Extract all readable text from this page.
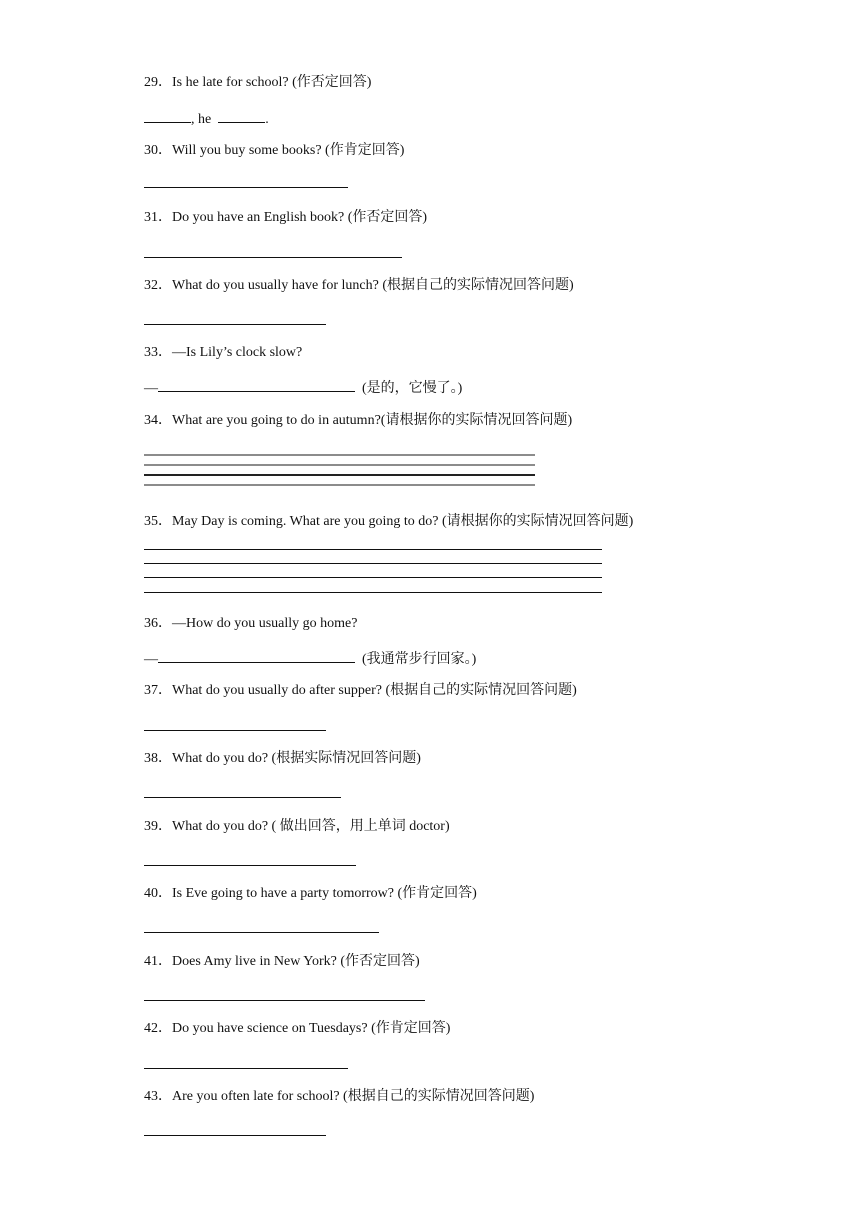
29．Is he late for school? (作否定回答)
, he	.
30．Will you buy some books? (作肯定回答)
31．Do you have an English book? (作否定回答)
32．What do you usually have for lunch? (根据自己的实际情况回答问题)
33．—Is Lily’s clock slow?
—	(是的，它慢了。)
34．What are you going to do in autumn?(请根据你的实际情况回答问题)
35．May Day is coming. What are you going to do? (请根据你的实际情况回答问题)
36．—How do you usually go home?
—	(我通常步行回家。)
37．What do you usually do after supper? (根据自己的实际情况回答问题)
38．What do you do? (根据实际情况回答问题)
39．What do you do? ( 做出回答，用上单词 doctor)
40．Is Eve going to have a party tomorrow? (作肯定回答)
41．Does Amy live in New York? (作否定回答)
42．Do you have science on Tuesdays? (作肯定回答)
43．Are you often late for school? (根据自己的实际情况回答问题)
